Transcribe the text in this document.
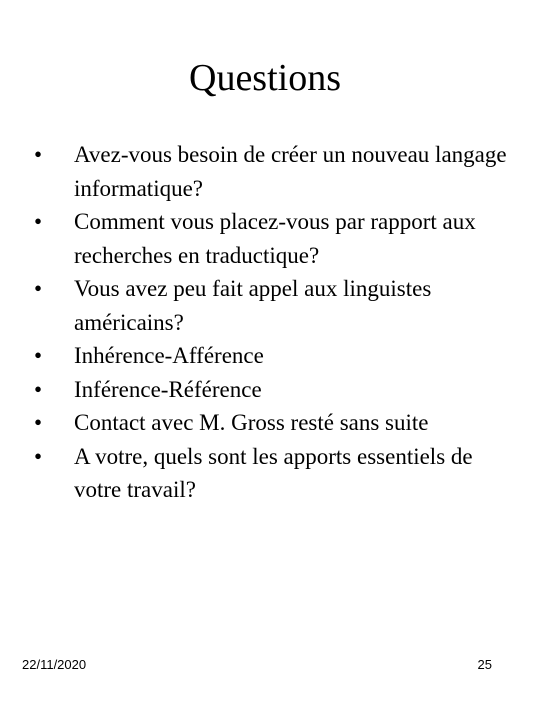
Questions
• Avez-vous besoin de créer un nouveau langage informatique?
• Comment vous placez-vous par rapport aux recherches en traductique?
• Vous avez peu fait appel aux linguistes américains?
• Inhérence-Afférence
• Inférence-Référence
• Contact avec M. Gross resté sans suite
• A votre, quels sont les apports essentiels de votre travail?
22/11/2020	25
